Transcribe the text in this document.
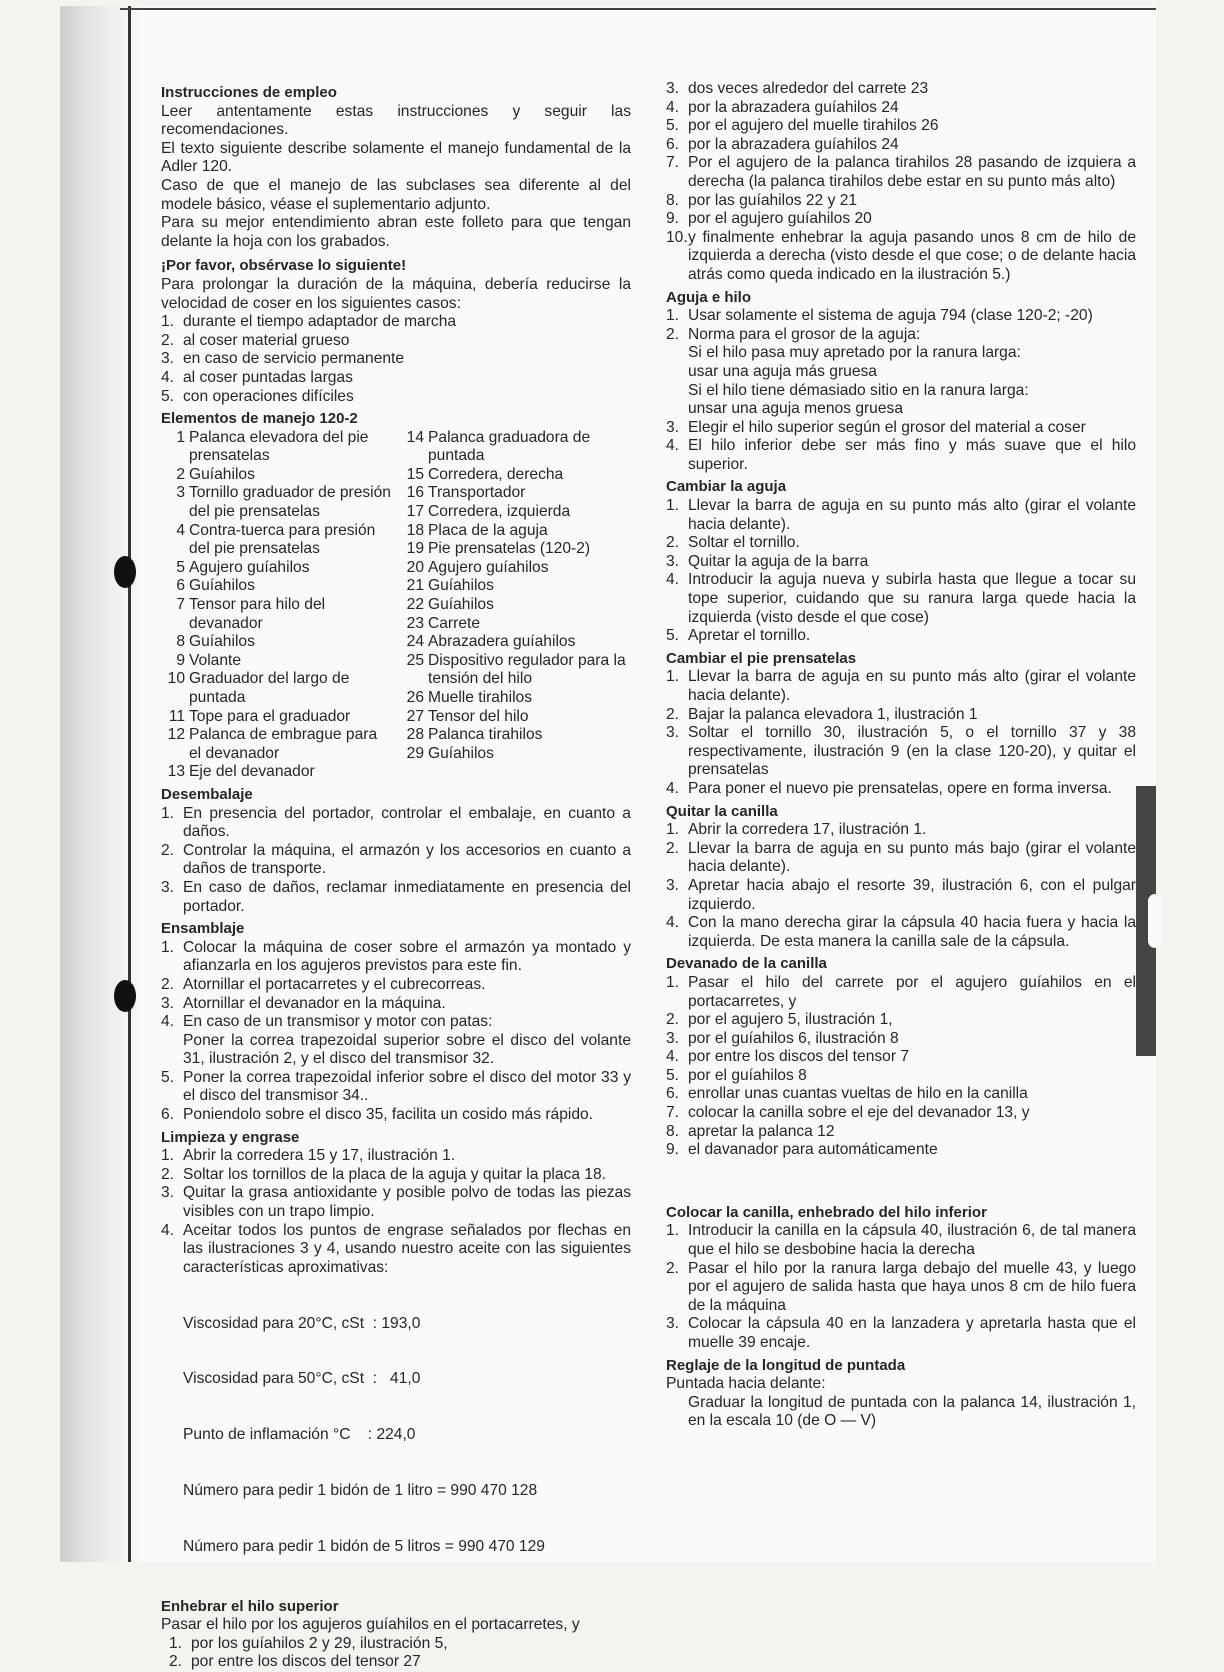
Instrucciones de empleo
Leer antentamente estas instrucciones y seguir las recomendaciones.
El texto siguiente describe solamente el manejo fundamental de la Adler 120.
Caso de que el manejo de las subclases sea diferente al del modele básico, véase el suplementario adjunto.
Para su mejor entendimiento abran este folleto para que tengan delante la hoja con los grabados.
¡Por favor, obsérvase lo siguiente!
Para prolongar la duración de la máquina, debería reducirse la velocidad de coser en los siguientes casos:
1. durante el tiempo adaptador de marcha
2. al coser material grueso
3. en caso de servicio permanente
4. al coser puntadas largas
5. con operaciones difíciles
Elementos de manejo 120-2
1 Palanca elevadora del pie prensatelas
2 Guíahilos
3 Tornillo graduador de presión del pie prensatelas
4 Contra-tuerca para presión del pie prensatelas
5 Agujero guíahilos
6 Guíahilos
7 Tensor para hilo del devanador
8 Guíahilos
9 Volante
10 Graduador del largo de puntada
11 Tope para el graduador
12 Palanca de embrague para el devanador
13 Eje del devanador
14 Palanca graduadora de puntada
15 Corredera, derecha
16 Transportador
17 Corredera, izquierda
18 Placa de la aguja
19 Pie prensatelas (120-2)
20 Agujero guíahilos
21 Guíahilos
22 Guíahilos
23 Carrete
24 Abrazadera guíahilos
25 Dispositivo regulador para la tensión del hilo
26 Muelle tirahilos
27 Tensor del hilo
28 Palanca tirahilos
29 Guíahilos
Desembalaje
1. En presencia del portador, controlar el embalaje, en cuanto a daños.
2. Controlar la máquina, el armazón y los accesorios en cuanto a daños de transporte.
3. En caso de daños, reclamar inmediatamente en presencia del portador.
Ensamblaje
1. Colocar la máquina de coser sobre el armazón ya montado y afianzarla en los agujeros previstos para este fin.
2. Atornillar el portacarretes y el cubrecorreas.
3. Atornillar el devanador en la máquina.
4. En caso de un transmisor y motor con patas:
Poner la correa trapezoidal superior sobre el disco del volante 31, ilustración 2, y el disco del transmisor 32.
5. Poner la correa trapezoidal inferior sobre el disco del motor 33 y el disco del transmisor 34..
6. Poniendolo sobre el disco 35, facilita un cosido más rápido.
Limpieza y engrase
1. Abrir la corredera 15 y 17, ilustración 1.
2. Soltar los tornillos de la placa de la aguja y quitar la placa 18.
3. Quitar la grasa antioxidante y posible polvo de todas las piezas visibles con un trapo limpio.
4. Aceitar todos los puntos de engrase señalados por flechas en las ilustraciones 3 y 4, usando nuestro aceite con las siguientes características aproximativas:

Viscosidad para 20°C, cSt  : 193,0

Viscosidad para 50°C, cSt  :   41,0

Punto de inflamación °C    : 224,0

Número para pedir 1 bidón de 1 litro = 990 470 128

Número para pedir 1 bidón de 5 litros = 990 470 129

Enhebrar el hilo superior
Pasar el hilo por los agujeros guíahilos en el portacarretes, y
1. por los guíahilos 2 y 29, ilustración 5,
2. por entre los discos del tensor 27
3. dos veces alrededor del carrete 23
4. por la abrazadera guíahilos 24
5. por el agujero del muelle tirahilos 26
6. por la abrazadera guíahilos 24
7. Por el agujero de la palanca tirahilos 28 pasando de izquiera a derecha (la palanca tirahilos debe estar en su punto más alto)
8. por las guíahilos 22 y 21
9. por el agujero guíahilos 20
10. y finalmente enhebrar la aguja pasando unos 8 cm de hilo de izquierda a derecha (visto desde el que cose; o de delante hacia atrás como queda indicado en la ilustración 5.)
Aguja e hilo
1. Usar solamente el sistema de aguja 794 (clase 120-2; -20)
2. Norma para el grosor de la aguja:
Si el hilo pasa muy apretado por la ranura larga:
usar una aguja más gruesa
Si el hilo tiene démasiado sitio en la ranura larga:
unsar una aguja menos gruesa
3. Elegir el hilo superior según el grosor del material a coser
4. El hilo inferior debe ser más fino y más suave que el hilo superior.
Cambiar la aguja
1. Llevar la barra de aguja en su punto más alto (girar el volante hacia delante).
2. Soltar el tornillo.
3. Quitar la aguja de la barra
4. Introducir la aguja nueva y subirla hasta que llegue a tocar su tope superior, cuidando que su ranura larga quede hacia la izquierda (visto desde el que cose)
5. Apretar el tornillo.
Cambiar el pie prensatelas
1. Llevar la barra de aguja en su punto más alto (girar el volante hacia delante).
2. Bajar la palanca elevadora 1, ilustración 1
3. Soltar el tornillo 30, ilustración 5, o el tornillo 37 y 38 respectivamente, ilustración 9 (en la clase 120-20), y quitar el prensatelas
4. Para poner el nuevo pie prensatelas, opere en forma inversa.
Quitar la canilla
1. Abrir la corredera 17, ilustración 1.
2. Llevar la barra de aguja en su punto más bajo (girar el volante hacia delante).
3. Apretar hacia abajo el resorte 39, ilustración 6, con el pulgar izquierdo.
4. Con la mano derecha girar la cápsula 40 hacia fuera y hacia la izquierda. De esta manera la canilla sale de la cápsula.
Devanado de la canilla
1. Pasar el hilo del carrete por el agujero guíahilos en el portacarretes, y
2. por el agujero 5, ilustración 1,
3. por el guíahilos 6, ilustración 8
4. por entre los discos del tensor 7
5. por el guíahilos 8
6. enrollar unas cuantas vueltas de hilo en la canilla
7. colocar la canilla sobre el eje del devanador 13, y
8. apretar la palanca 12
9. el davanador para automáticamente
Colocar la canilla, enhebrado del hilo inferior
1. Introducir la canilla en la cápsula 40, ilustración 6, de tal manera que el hilo se desbobine hacia la derecha
2. Pasar el hilo por la ranura larga debajo del muelle 43, y luego por el agujero de salida hasta que haya unos 8 cm de hilo fuera de la máquina
3. Colocar la cápsula 40 en la lanzadera y apretarla hasta que el muelle 39 encaje.
Reglaje de la longitud de puntada
Puntada hacia delante:
Graduar la longitud de puntada con la palanca 14, ilustración 1, en la escala 10 (de O — V)
